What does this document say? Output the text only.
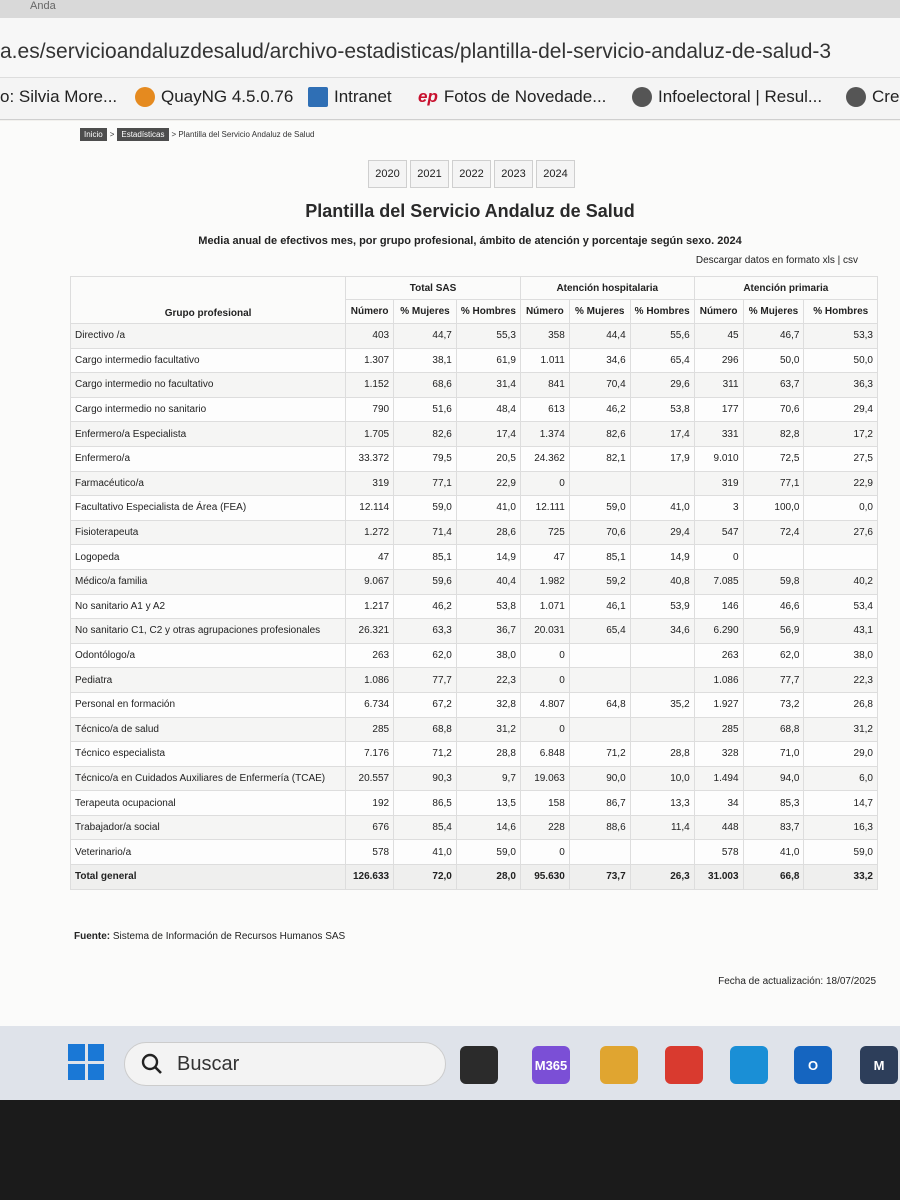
Anda
a.es/servicioandaluzdesalud/archivo-estadisticas/plantilla-del-servicio-andaluz-de-salud-3
o: Silvia More...	QuayNG 4.5.0.76 Intranet ep Fotos de Novedade...	Infoelectoral | Resul...	Cre
Inicio > Estadísticas > Plantilla del Servicio Andaluz de Salud
2020	2021	2022	2023	2024
Plantilla del Servicio Andaluz de Salud
Media anual de efectivos mes, por grupo profesional, ámbito de atención y porcentaje según sexo. 2024
Descargar datos en formato xls | csv
Grupo profesional	Total SAS			Atención hospitalaria			Atención primaria		
	Número	% Mujeres	% Hombres	Número	% Mujeres	% Hombres	Número	% Mujeres	% Hombres
Directivo /a	403	44,7	55,3	358	44,4	55,6	45	46,7	53,3
Cargo intermedio facultativo	1.307	38,1	61,9	1.011	34,6	65,4	296	50,0	50,0
Cargo intermedio no facultativo	1.152	68,6	31,4	841	70,4	29,6	311	63,7	36,3
Cargo intermedio no sanitario	790	51,6	48,4	613	46,2	53,8	177	70,6	29,4
Enfermero/a Especialista	1.705	82,6	17,4	1.374	82,6	17,4	331	82,8	17,2
Enfermero/a	33.372	79,5	20,5	24.362	82,1	17,9	9.010	72,5	27,5
Farmacéutico/a	319	77,1	22,9	0			319	77,1	22,9
Facultativo Especialista de Área (FEA)	12.114	59,0	41,0	12.111	59,0	41,0	3	100,0	0,0
Fisioterapeuta	1.272	71,4	28,6	725	70,6	29,4	547	72,4	27,6
Logopeda	47	85,1	14,9	47	85,1	14,9	0		
Médico/a familia	9.067	59,6	40,4	1.982	59,2	40,8	7.085	59,8	40,2
No sanitario A1 y A2	1.217	46,2	53,8	1.071	46,1	53,9	146	46,6	53,4
No sanitario C1, C2 y otras agrupaciones profesionales	26.321	63,3	36,7	20.031	65,4	34,6	6.290	56,9	43,1
Odontólogo/a	263	62,0	38,0	0			263	62,0	38,0
Pediatra	1.086	77,7	22,3	0			1.086	77,7	22,3
Personal en formación	6.734	67,2	32,8	4.807	64,8	35,2	1.927	73,2	26,8
Técnico/a de salud	285	68,8	31,2	0			285	68,8	31,2
Técnico especialista	7.176	71,2	28,8	6.848	71,2	28,8	328	71,0	29,0
Técnico/a en Cuidados Auxiliares de Enfermería (TCAE)	20.557	90,3	9,7	19.063	90,0	10,0	1.494	94,0	6,0
Terapeuta ocupacional	192	86,5	13,5	158	86,7	13,3	34	85,3	14,7
Trabajador/a social	676	85,4	14,6	228	88,6	11,4	448	83,7	16,3
Veterinario/a	578	41,0	59,0	0			578	41,0	59,0
Total general	126.633	72,0	28,0	95.630	73,7	26,3	31.003	66,8	33,2
Fuente: Sistema de Información de Recursos Humanos SAS
Fecha de actualización: 18/07/2025
Buscar	M365	O	M
